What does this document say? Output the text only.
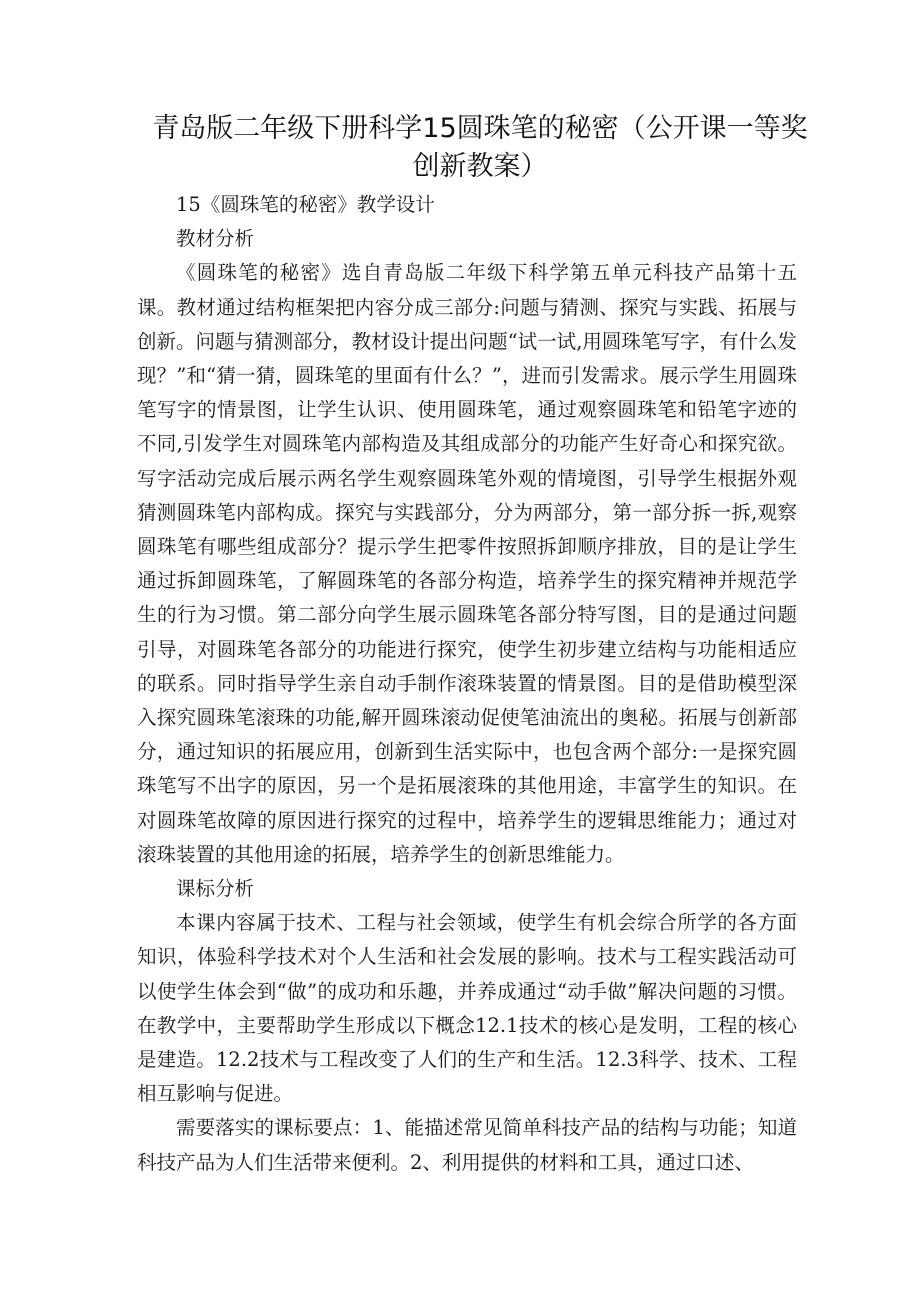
青岛版二年级下册科学15圆珠笔的秘密（公开课一等奖
创新教案）

15《圆珠笔的秘密》教学设计

教材分析

《圆珠笔的秘密》选自青岛版二年级下科学第五单元科技产品第十五课。教材通过结构框架把内容分成三部分:问题与猜测、探究与实践、拓展与创新。问题与猜测部分，教材设计提出问题“试一试,用圆珠笔写字，有什么发现？”和“猜一猜，圆珠笔的里面有什么？”，进而引发需求。展示学生用圆珠笔写字的情景图，让学生认识、使用圆珠笔，通过观察圆珠笔和铅笔字迹的不同,引发学生对圆珠笔内部构造及其组成部分的功能产生好奇心和探究欲。写字活动完成后展示两名学生观察圆珠笔外观的情境图，引导学生根据外观猜测圆珠笔内部构成。探究与实践部分，分为两部分，第一部分拆一拆,观察圆珠笔有哪些组成部分？提示学生把零件按照拆卸顺序排放，目的是让学生通过拆卸圆珠笔，了解圆珠笔的各部分构造，培养学生的探究精神并规范学生的行为习惯。第二部分向学生展示圆珠笔各部分特写图，目的是通过问题引导，对圆珠笔各部分的功能进行探究，使学生初步建立结构与功能相适应的联系。同时指导学生亲自动手制作滚珠装置的情景图。目的是借助模型深入探究圆珠笔滚珠的功能,解开圆珠滚动促使笔油流出的奥秘。拓展与创新部分，通过知识的拓展应用，创新到生活实际中，也包含两个部分:一是探究圆珠笔写不出字的原因，另一个是拓展滚珠的其他用途，丰富学生的知识。在对圆珠笔故障的原因进行探究的过程中，培养学生的逻辑思维能力；通过对滚珠装置的其他用途的拓展，培养学生的创新思维能力。

课标分析

本课内容属于技术、工程与社会领域，使学生有机会综合所学的各方面知识，体验科学技术对个人生活和社会发展的影响。技术与工程实践活动可以使学生体会到“做”的成功和乐趣，并养成通过“动手做”解决问题的习惯。在教学中，主要帮助学生形成以下概念12.1技术的核心是发明，工程的核心是建造。12.2技术与工程改变了人们的生产和生活。12.3科学、技术、工程相互影响与促进。

需要落实的课标要点：1、能描述常见简单科技产品的结构与功能；知道科技产品为人们生活带来便利。2、利用提供的材料和工具，通过口述、
